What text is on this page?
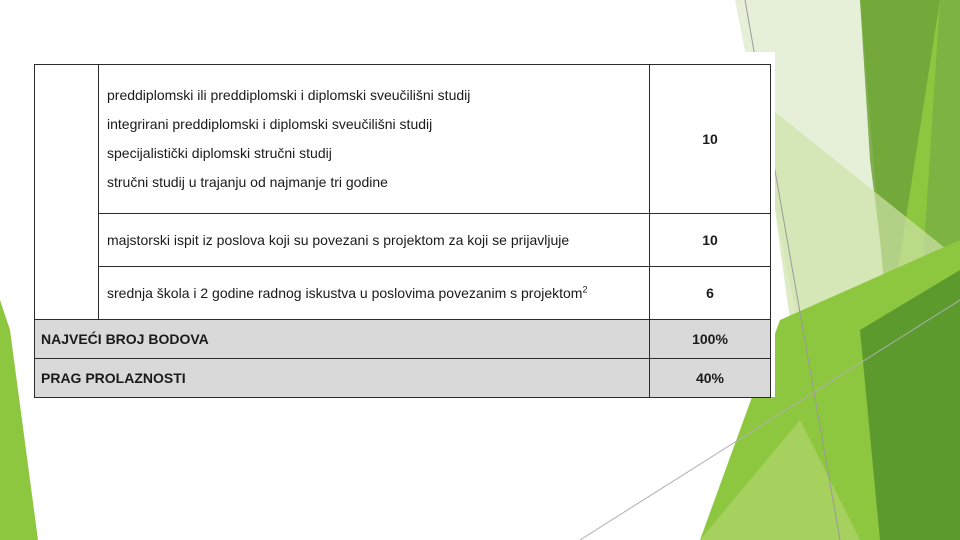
	preddiplomski ili preddiplomski i diplomski sveučilišni studij
integrirani preddiplomski i diplomski sveučilišni studij
specijalistički diplomski stručni studij
stručni studij u trajanju od najmanje tri godine	10
	majstorski ispit iz poslova koji su povezani s projektom za koji se prijavljuje	10
	srednja škola i 2 godine radnog iskustva u poslovima povezanim s projektom$^2$	6
NAJVEĆI BROJ BODOVA		100%
PRAG PROLAZNOSTI		40%
